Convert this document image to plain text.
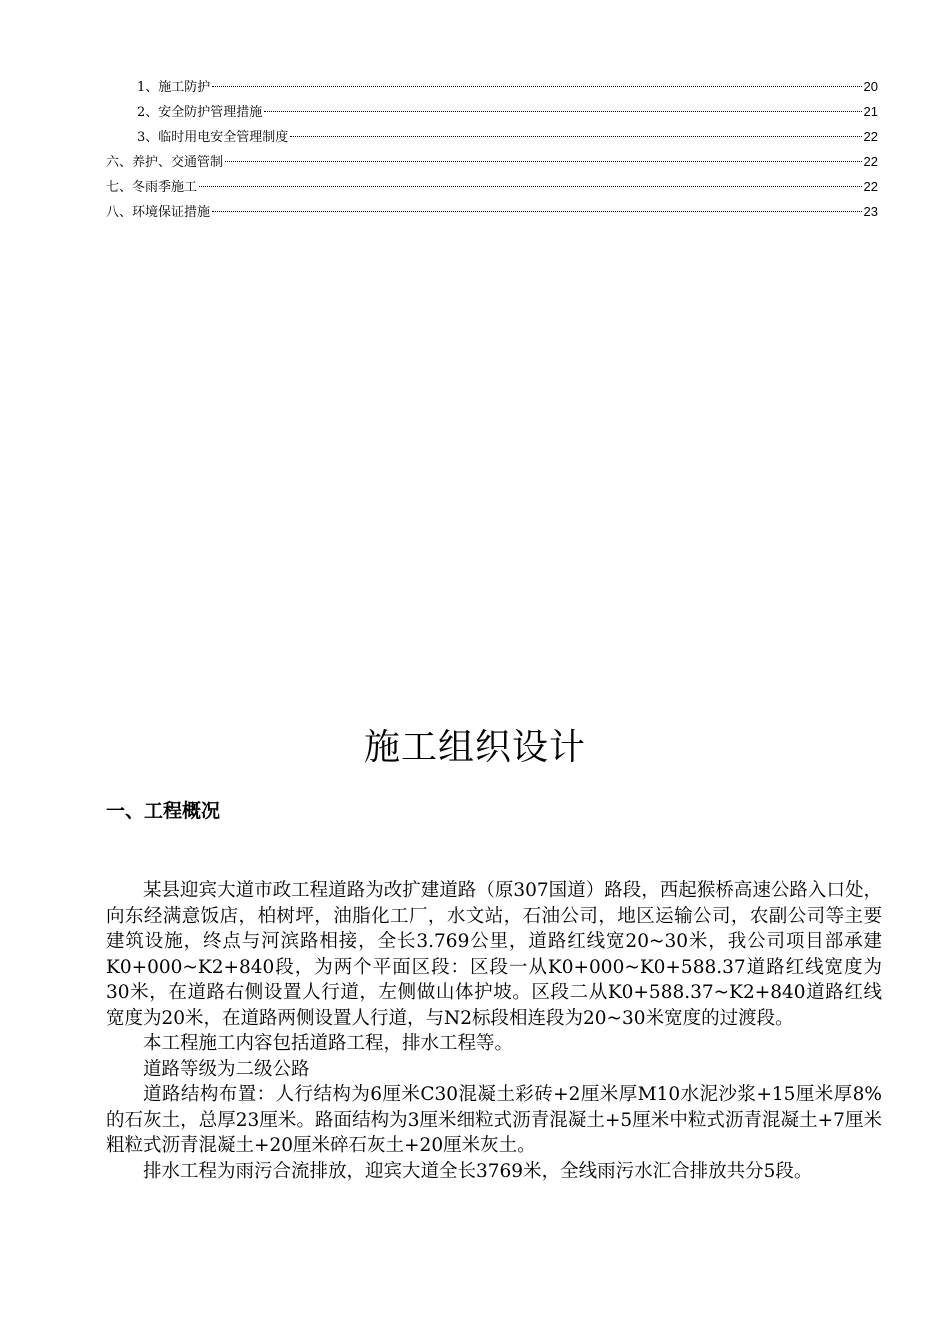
1、施工防护	20
2、安全防护管理措施	21
3、临时用电安全管理制度	22
六、养护、交通管制	22
七、冬雨季施工	22
八、环境保证措施	23
施工组织设计
一、工程概况

某县迎宾大道市政工程道路为改扩建道路（原307国道）路段，西起猴桥高速公路入口处，向东经满意饭店，柏树坪，油脂化工厂，水文站，石油公司，地区运输公司，农副公司等主要建筑设施，终点与河滨路相接，全长3.769公里，道路红线宽20~30米，我公司项目部承建K0+000~K2+840段，为两个平面区段：区段一从K0+000~K0+588.37道路红线宽度为30米，在道路右侧设置人行道，左侧做山体护坡。区段二从K0+588.37~K2+840道路红线宽度为20米，在道路两侧设置人行道，与N2标段相连段为20~30米宽度的过渡段。

本工程施工内容包括道路工程，排水工程等。

道路等级为二级公路

道路结构布置：人行结构为6厘米C30混凝土彩砖+2厘米厚M10水泥沙浆+15厘米厚8%的石灰土，总厚23厘米。路面结构为3厘米细粒式沥青混凝土+5厘米中粒式沥青混凝土+7厘米粗粒式沥青混凝土+20厘米碎石灰土+20厘米灰土。

排水工程为雨污合流排放，迎宾大道全长3769米，全线雨污水汇合排放共分5段。
